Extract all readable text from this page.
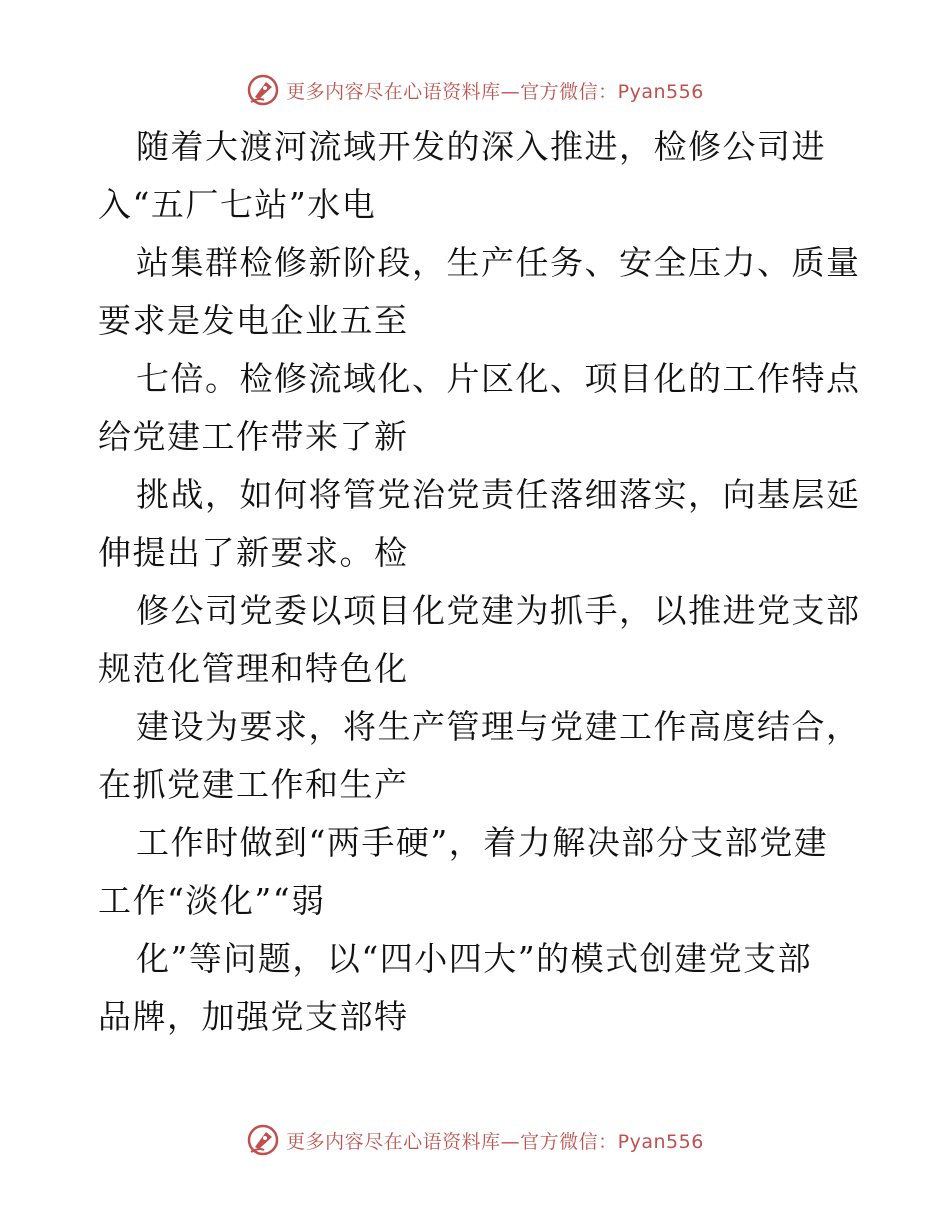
更多内容尽在心语资料库—官方微信：Pyan556
随着大渡河流域开发的深入推进，检修公司进
入“五厂七站”水电
站集群检修新阶段，生产任务、安全压力、质量
要求是发电企业五至
七倍。检修流域化、片区化、项目化的工作特点
给党建工作带来了新
挑战，如何将管党治党责任落细落实，向基层延
伸提出了新要求。检
修公司党委以项目化党建为抓手，以推进党支部
规范化管理和特色化
建设为要求，将生产管理与党建工作高度结合，
在抓党建工作和生产
工作时做到“两手硬”，着力解决部分支部党建
工作“淡化”“弱
化”等问题，以“四小四大”的模式创建党支部
品牌，加强党支部特
更多内容尽在心语资料库—官方微信：Pyan556
